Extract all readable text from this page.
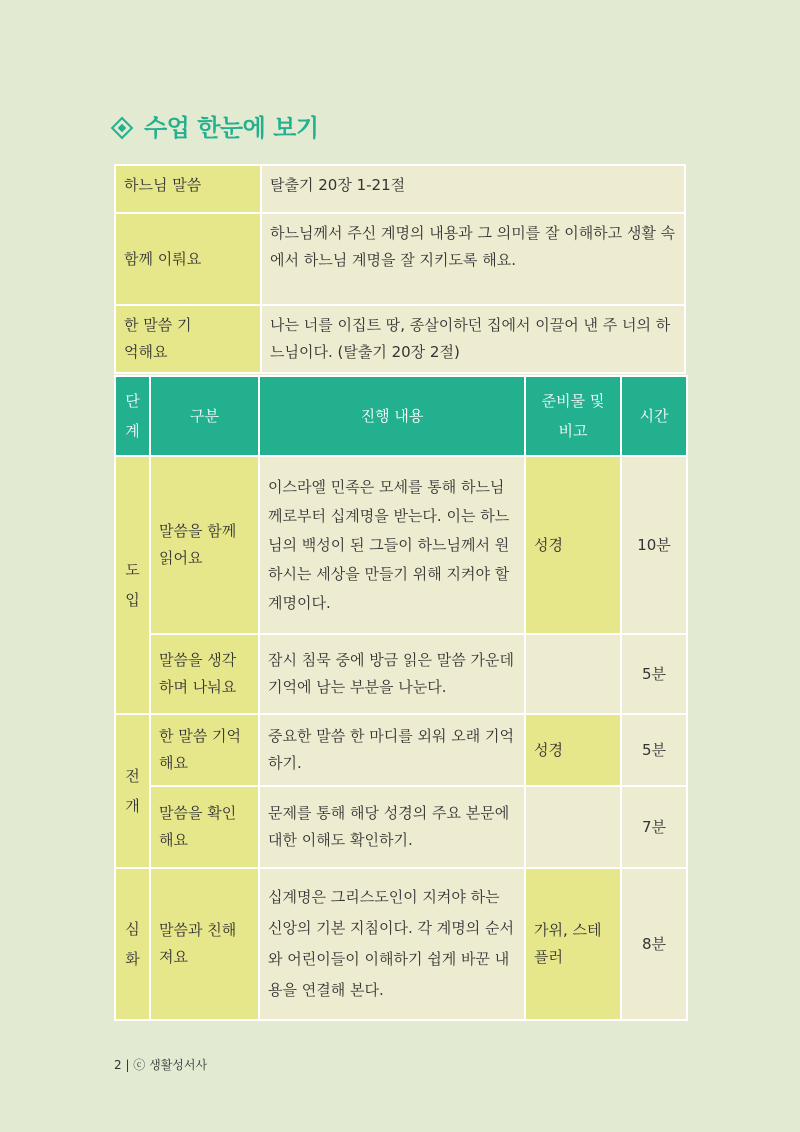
수업 한눈에 보기
하느님 말씀	탈출기 20장 1-21절
함께 이뤄요	하느님께서 주신 계명의 내용과 그 의미를 잘 이해하고 생활 속에서 하느님 계명을 잘 지키도록 해요.

한 말씀 기억해요	나는 너를 이집트 땅, 종살이하던 집에서 이끌어 낸 주 너의 하느님이다. (탈출기 20장 2절)
단계	구분	진행 내용	준비물 및 비고	시간
도입	말씀을 함께 읽어요	이스라엘 민족은 모세를 통해 하느님께로부터 십계명을 받는다. 이는 하느님의 백성이 된 그들이 하느님께서 원하시는 세상을 만들기 위해 지켜야 할 계명이다.	성경	10분
	말씀을 생각하며 나눠요	잠시 침묵 중에 방금 읽은 말씀 가운데 기억에 남는 부분을 나눈다.		5분
전개	한 말씀 기억해요	중요한 말씀 한 마디를 외워 오래 기억하기.	성경	5분
	말씀을 확인해요	문제를 통해 해당 성경의 주요 본문에 대한 이해도 확인하기.		7분
심화	말씀과 친해져요	십계명은 그리스도인이 지켜야 하는 신앙의 기본 지침이다. 각 계명의 순서와 어린이들이 이해하기 쉽게 바꾼 내용을 연결해 본다.	가위, 스테플러	8분
2 | ⓒ 생활성서사
